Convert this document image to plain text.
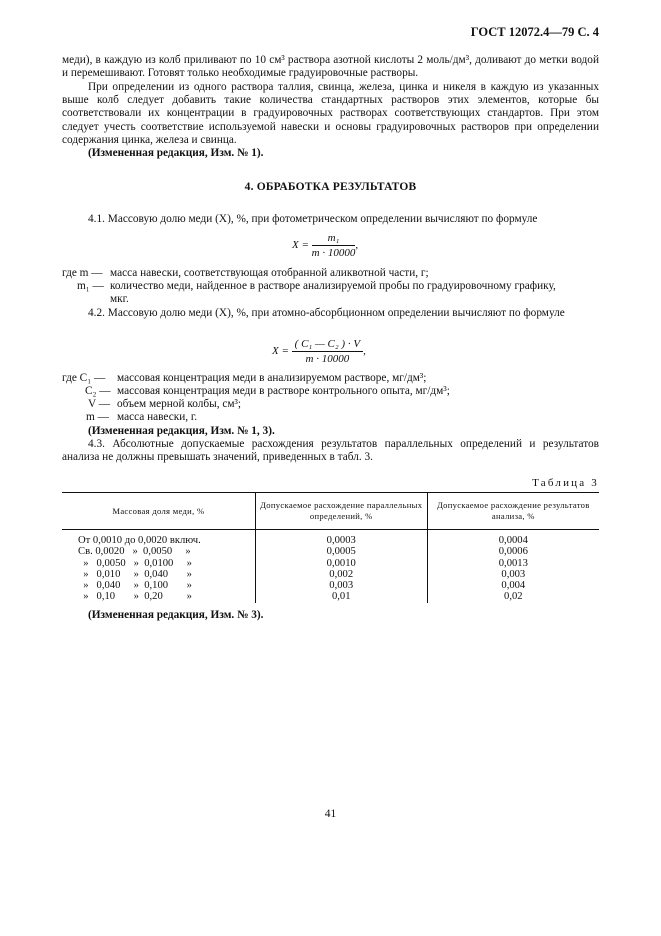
ГОСТ 12072.4—79 С. 4
меди), в каждую из колб приливают по 10 см³ раствора азотной кислоты 2 моль/дм³, доливают до метки водой и перемешивают. Готовят только необходимые градуировочные растворы.
При определении из одного раствора таллия, свинца, железа, цинка и никеля в каждую из указанных выше колб следует добавить такие количества стандартных растворов этих элементов, которые бы соответствовали их концентрации в градуировочных растворах соответствующих стандартов. При этом следует учесть соответствие используемой навески и основы градуировочных растворов при определении содержания цинка, железа и свинца.
(Измененная редакция, Изм. № 1).
4. ОБРАБОТКА РЕЗУЛЬТАТОВ
4.1. Массовую долю меди (X), %, при фотометрическом определении вычисляют по формуле
$X = \frac{\text{m₁}}{m \cdot 10000}$ ,
где m — масса навески, соответствующая отобранной аликвотной части, г;
m₁ — количество меди, найденное в растворе анализируемой пробы по градуировочному графику,
мкг.
4.2. Массовую долю меди (X), %, при атомно-абсорбционном определении вычисляют по формуле
$X = \frac{\text{( C₁ — C₂ ) · V}}{m \cdot 10000}$ ,
где C₁ — массовая концентрация меди в анализируемом растворе, мг/дм³;
C₂ — массовая концентрация меди в растворе контрольного опыта, мг/дм³;
V — объем мерной колбы, см³;
m — масса навески, г.
(Измененная редакция, Изм. № 1, 3).
4.3. Абсолютные допускаемые расхождения результатов параллельных определений и результатов анализа не должны превышать значений, приведенных в табл. 3.
Таблица 3
Массовая доля меди, %	Допускаемое расхождение параллельных определений, %	Допускаемое расхождение результатов анализа, %
От 0,0010 до 0,0020 включ.	0,0003	0,0004
Св. 0,0020   »  0,0050     »	0,0005	0,0006
»   0,0050   »  0,0100     »	0,0010	0,0013
»   0,010     »  0,040       »	0,002	0,003
»   0,040     »  0,100       »	0,003	0,004
»   0,10       »  0,20         »	0,01	0,02
(Измененная редакция, Изм. № 3).
41
